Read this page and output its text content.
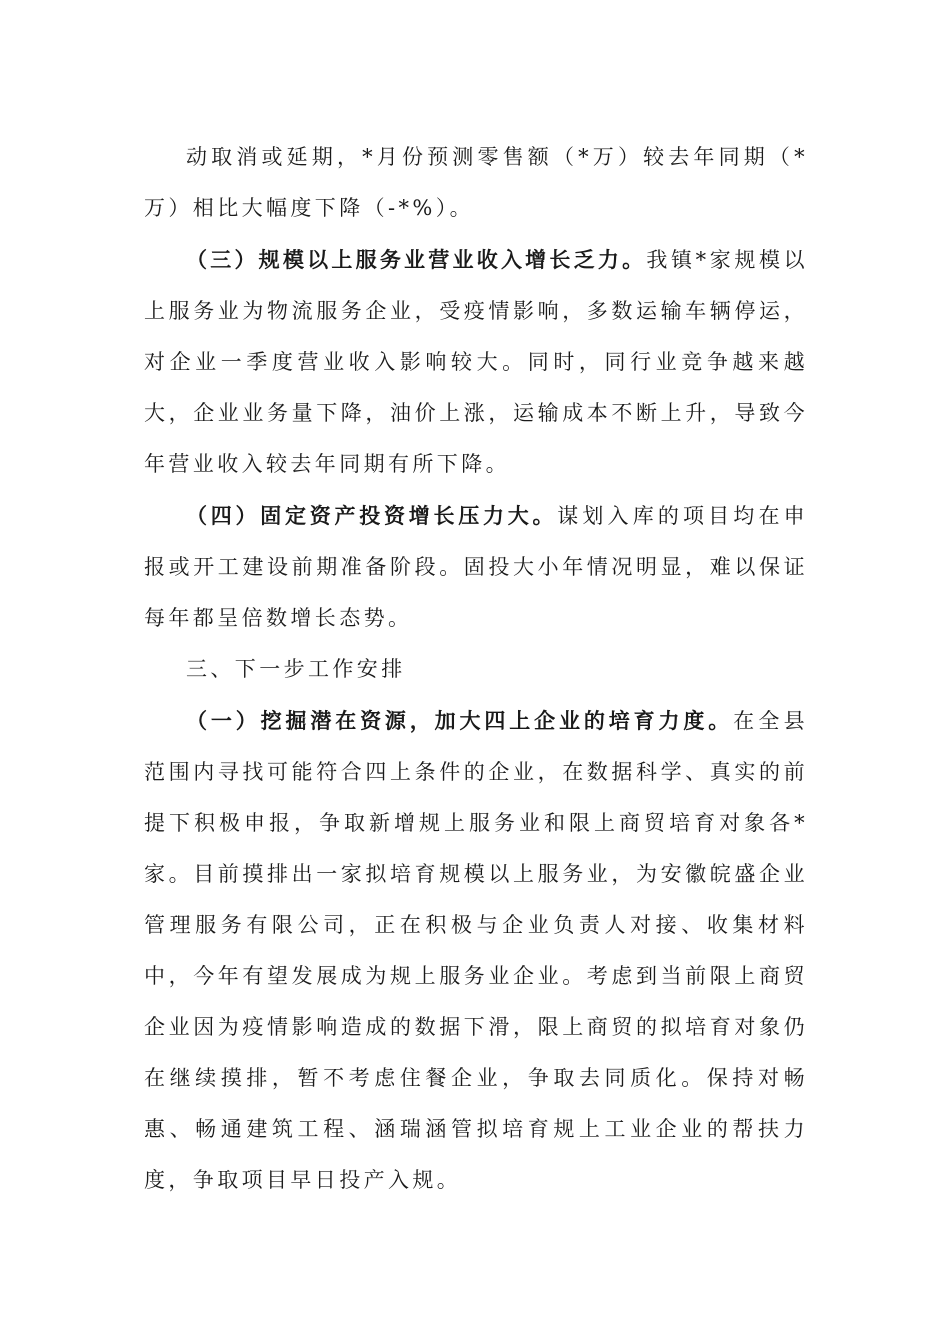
动取消或延期，*月份预测零售额（*万）较去年同期（*万）相比大幅度下降（-*%）。

（三）规模以上服务业营业收入增长乏力。我镇*家规模以上服务业为物流服务企业，受疫情影响，多数运输车辆停运，对企业一季度营业收入影响较大。同时，同行业竞争越来越大，企业业务量下降，油价上涨，运输成本不断上升，导致今年营业收入较去年同期有所下降。

（四）固定资产投资增长压力大。谋划入库的项目均在申报或开工建设前期准备阶段。固投大小年情况明显，难以保证每年都呈倍数增长态势。

三、下一步工作安排

（一）挖掘潜在资源，加大四上企业的培育力度。在全县范围内寻找可能符合四上条件的企业，在数据科学、真实的前提下积极申报，争取新增规上服务业和限上商贸培育对象各*家。目前摸排出一家拟培育规模以上服务业，为安徽皖盛企业管理服务有限公司，正在积极与企业负责人对接、收集材料中，今年有望发展成为规上服务业企业。考虑到当前限上商贸企业因为疫情影响造成的数据下滑，限上商贸的拟培育对象仍在继续摸排，暂不考虑住餐企业，争取去同质化。保持对畅惠、畅通建筑工程、涵瑞涵管拟培育规上工业企业的帮扶力度，争取项目早日投产入规。
